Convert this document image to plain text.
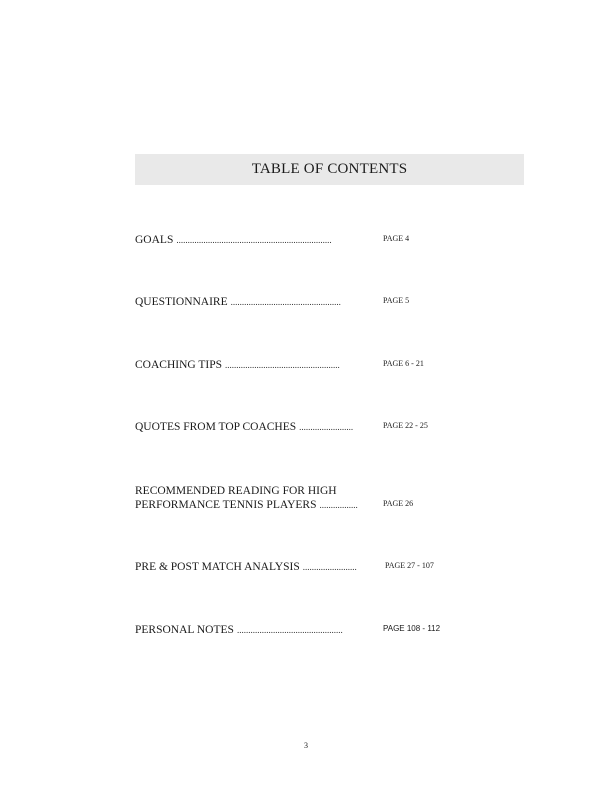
TABLE OF CONTENTS
GOALS .....................................................................	PAGE 4
QUESTIONNAIRE .................................................	PAGE 5
COACHING TIPS ...................................................	PAGE 6 - 21
QUOTES FROM TOP COACHES ........................	PAGE 22 - 25
RECOMMENDED READING FOR HIGH
PERFORMANCE TENNIS PLAYERS .................	PAGE 26
PRE & POST MATCH ANALYSIS ........................	PAGE 27 - 107
PERSONAL NOTES ...............................................	PAGE 108 - 112
3
